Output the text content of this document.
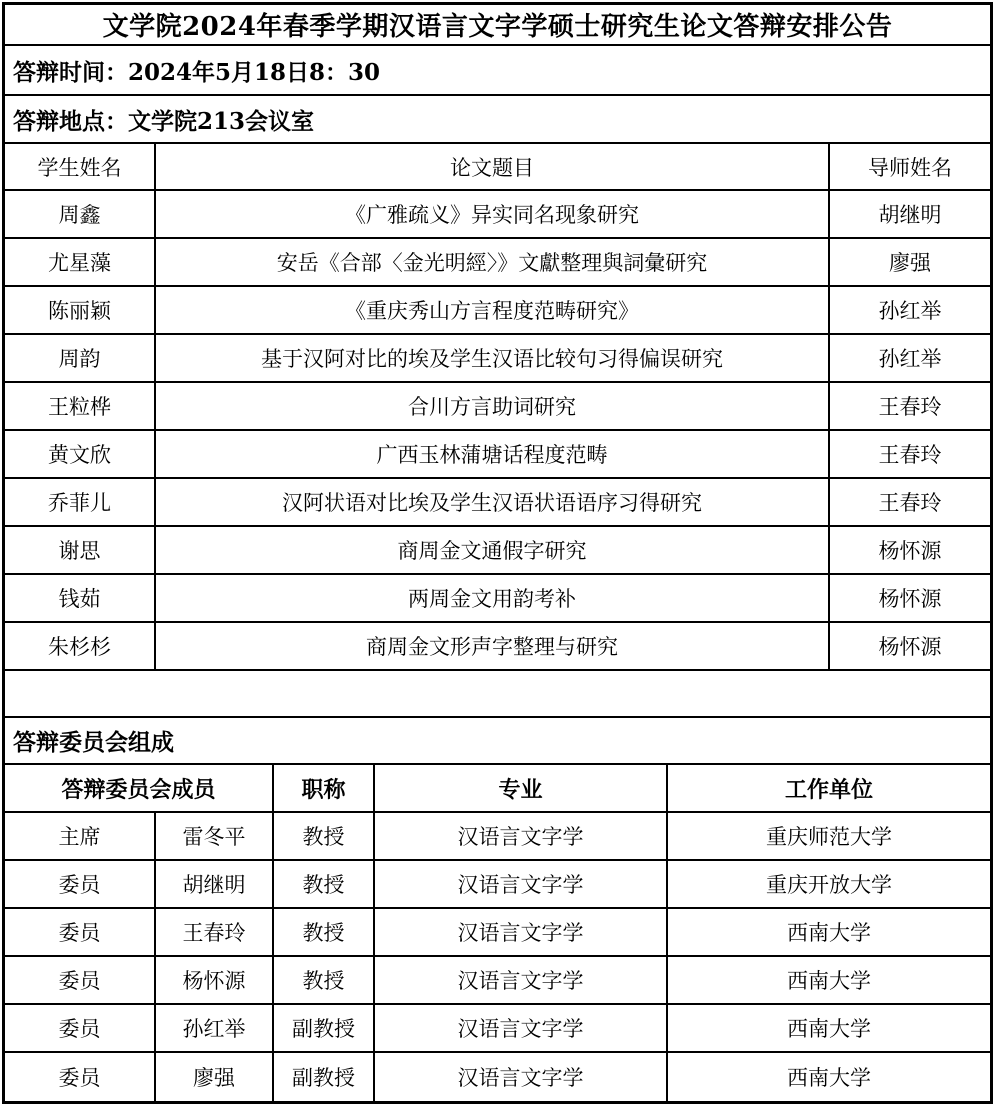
文学院2024年春季学期汉语言文字学硕士研究生论文答辩安排公告
答辩时间：2024年5月18日8：30
答辩地点：文学院213会议室
学生姓名	论文题目	导师姓名
周鑫	《广雅疏义》异实同名现象研究	胡继明
尤星藻	安岳《合部〈金光明經〉》文獻整理與詞彙研究	廖强
陈丽颖	《重庆秀山方言程度范畴研究》	孙红举
周韵	基于汉阿对比的埃及学生汉语比较句习得偏误研究	孙红举
王粒桦	合川方言助词研究	王春玲
黄文欣	广西玉林蒲塘话程度范畴	王春玲
乔菲儿	汉阿状语对比埃及学生汉语状语语序习得研究	王春玲
谢思	商周金文通假字研究	杨怀源
钱茹	两周金文用韵考补	杨怀源
朱杉杉	商周金文形声字整理与研究	杨怀源
答辩委员会组成
答辩委员会成员	职称	专业	工作单位
主席	雷冬平	教授	汉语言文字学	重庆师范大学
委员	胡继明	教授	汉语言文字学	重庆开放大学
委员	王春玲	教授	汉语言文字学	西南大学
委员	杨怀源	教授	汉语言文字学	西南大学
委员	孙红举	副教授	汉语言文字学	西南大学
委员	廖强	副教授	汉语言文字学	西南大学
